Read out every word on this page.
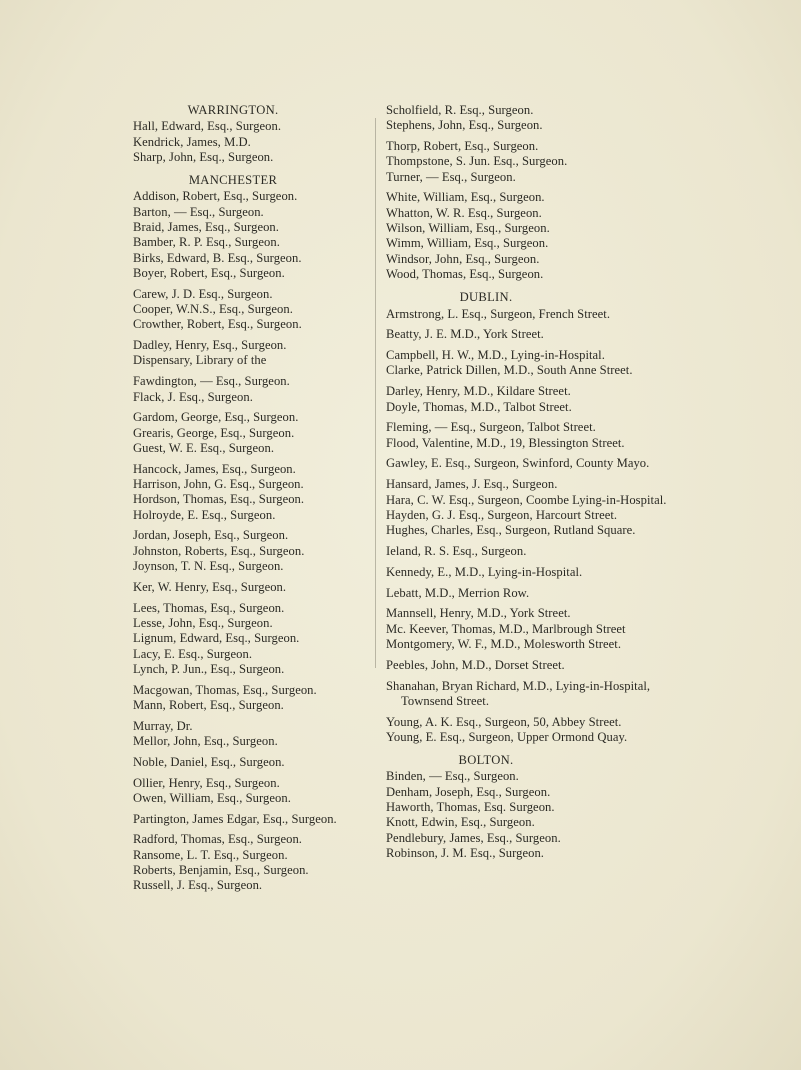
WARRINGTON.
Hall, Edward, Esq., Surgeon.
Kendrick, James, M.D.
Sharp, John, Esq., Surgeon.
MANCHESTER
Addison, Robert, Esq., Surgeon.
Barton, — Esq., Surgeon.
Braid, James, Esq., Surgeon.
Bamber, R. P. Esq., Surgeon.
Birks, Edward, B. Esq., Surgeon.
Boyer, Robert, Esq., Surgeon.
Carew, J. D. Esq., Surgeon.
Cooper, W.N.S., Esq., Surgeon.
Crowther, Robert, Esq., Surgeon.
Dadley, Henry, Esq., Surgeon.
Dispensary, Library of the
Fawdington, — Esq., Surgeon.
Flack, J. Esq., Surgeon.
Gardom, George, Esq., Surgeon.
Grearis, George, Esq., Surgeon.
Guest, W. E. Esq., Surgeon.
Hancock, James, Esq., Surgeon.
Harrison, John, G. Esq., Surgeon.
Hordson, Thomas, Esq., Surgeon.
Holroyde, E. Esq., Surgeon.
Jordan, Joseph, Esq., Surgeon.
Johnston, Roberts, Esq., Surgeon.
Joynson, T. N. Esq., Surgeon.
Ker, W. Henry, Esq., Surgeon.
Lees, Thomas, Esq., Surgeon.
Lesse, John, Esq., Surgeon.
Lignum, Edward, Esq., Surgeon.
Lacy, E. Esq., Surgeon.
Lynch, P. Jun., Esq., Surgeon.
Macgowan, Thomas, Esq., Surgeon.
Mann, Robert, Esq., Surgeon.
Murray, Dr.
Mellor, John, Esq., Surgeon.
Noble, Daniel, Esq., Surgeon.
Ollier, Henry, Esq., Surgeon.
Owen, William, Esq., Surgeon.
Partington, James Edgar, Esq., Surgeon.
Radford, Thomas, Esq., Surgeon.
Ransome, L. T. Esq., Surgeon.
Roberts, Benjamin, Esq., Surgeon.
Russell, J. Esq., Surgeon.
Scholfield, R. Esq., Surgeon.
Stephens, John, Esq., Surgeon.
Thorp, Robert, Esq., Surgeon.
Thompstone, S. Jun. Esq., Surgeon.
Turner, — Esq., Surgeon.
White, William, Esq., Surgeon.
Whatton, W. R. Esq., Surgeon.
Wilson, William, Esq., Surgeon.
Wimm, William, Esq., Surgeon.
Windsor, John, Esq., Surgeon.
Wood, Thomas, Esq., Surgeon.
DUBLIN.
Armstrong, L. Esq., Surgeon, French Street.
Beatty, J. E. M.D., York Street.
Campbell, H. W., M.D., Lying-in-Hospital.
Clarke, Patrick Dillen, M.D., South Anne Street.
Darley, Henry, M.D., Kildare Street.
Doyle, Thomas, M.D., Talbot Street.
Fleming, — Esq., Surgeon, Talbot Street.
Flood, Valentine, M.D., 19, Blessington Street.
Gawley, E. Esq., Surgeon, Swinford, County Mayo.
Hansard, James, J. Esq., Surgeon.
Hara, C. W. Esq., Surgeon, Coombe Lying-in-Hospital.
Hayden, G. J. Esq., Surgeon, Harcourt Street.
Hughes, Charles, Esq., Surgeon, Rutland Square.
Ieland, R. S. Esq., Surgeon.
Kennedy, E., M.D., Lying-in-Hospital.
Lebatt, M.D., Merrion Row.
Mannsell, Henry, M.D., York Street.
Mc. Keever, Thomas, M.D., Marlbrough Street
Montgomery, W. F., M.D., Molesworth Street.
Peebles, John, M.D., Dorset Street.
Shanahan, Bryan Richard, M.D., Lying-in-Hospital,
Townsend Street.
Young, A. K. Esq., Surgeon, 50, Abbey Street.
Young, E. Esq., Surgeon, Upper Ormond Quay.
BOLTON.
Binden, — Esq., Surgeon.
Denham, Joseph, Esq., Surgeon.
Haworth, Thomas, Esq. Surgeon.
Knott, Edwin, Esq., Surgeon.
Pendlebury, James, Esq., Surgeon.
Robinson, J. M. Esq., Surgeon.
